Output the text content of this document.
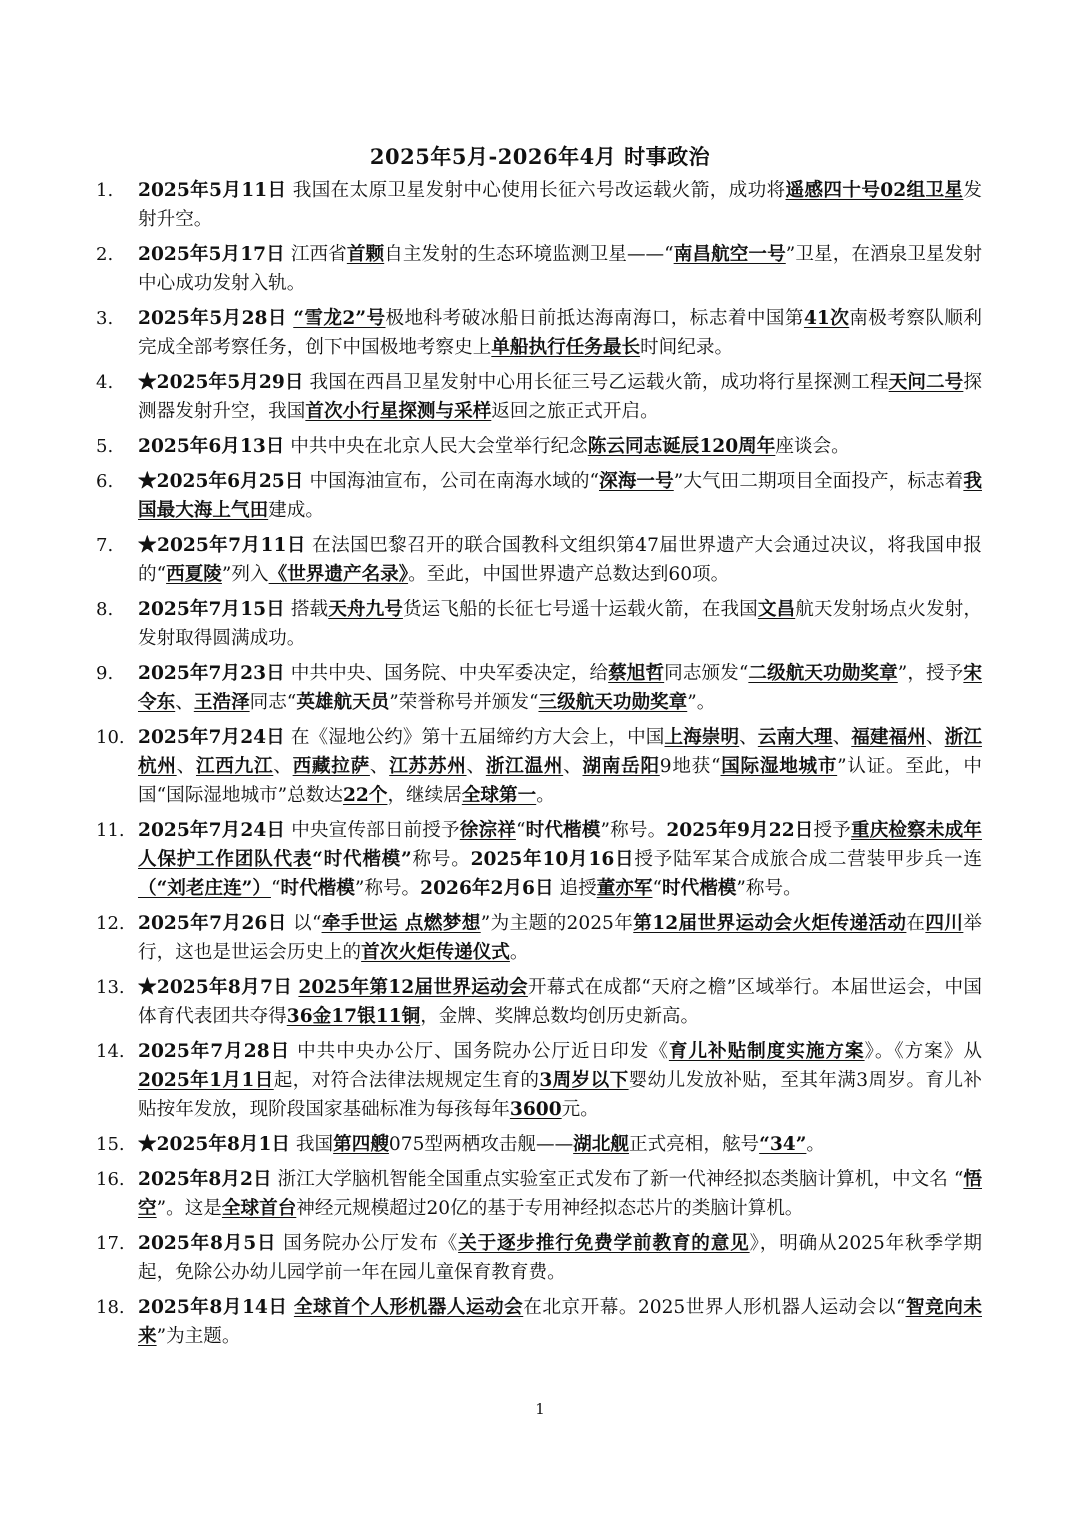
2025年5月-2026年4月 时事政治
1. 2025年5月11日 我国在太原卫星发射中心使用长征六号改运载火箭，成功将遥感四十号02组卫星发射升空。
2. 2025年5月17日 江西省首颗自主发射的生态环境监测卫星——“南昌航空一号”卫星，在酒泉卫星发射中心成功发射入轨。
3. 2025年5月28日 “雪龙2”号极地科考破冰船日前抵达海南海口，标志着中国第41次南极考察队顺利完成全部考察任务，创下中国极地考察史上单船执行任务最长时间纪录。
4. ★2025年5月29日 我国在西昌卫星发射中心用长征三号乙运载火箭，成功将行星探测工程天问二号探测器发射升空，我国首次小行星探测与采样返回之旅正式开启。
5. 2025年6月13日 中共中央在北京人民大会堂举行纪念陈云同志诞辰120周年座谈会。
6. ★2025年6月25日 中国海油宣布，公司在南海水域的“深海一号”大气田二期项目全面投产，标志着我国最大海上气田建成。
7. ★2025年7月11日 在法国巴黎召开的联合国教科文组织第47届世界遗产大会通过决议，将我国申报的“西夏陵”列入《世界遗产名录》。至此，中国世界遗产总数达到60项。
8. 2025年7月15日 搭载天舟九号货运飞船的长征七号遥十运载火箭，在我国文昌航天发射场点火发射，发射取得圆满成功。
9. 2025年7月23日 中共中央、国务院、中央军委决定，给蔡旭哲同志颁发“二级航天功勋奖章”，授予宋令东、王浩泽同志“英雄航天员”荣誉称号并颁发“三级航天功勋奖章”。
10. 2025年7月24日 在《湿地公约》第十五届缔约方大会上，中国上海崇明、云南大理、福建福州、浙江杭州、江西九江、西藏拉萨、江苏苏州、浙江温州、湖南岳阳9地获“国际湿地城市”认证。至此，中国“国际湿地城市”总数达22个，继续居全球第一。
11. 2025年7月24日 中央宣传部日前授予徐淙祥“时代楷模”称号。2025年9月22日授予重庆检察未成年人保护工作团队代表“时代楷模”称号。2025年10月16日授予陆军某合成旅合成二营装甲步兵一连（“刘老庄连”）“时代楷模”称号。2026年2月6日 追授董亦军“时代楷模”称号。
12. 2025年7月26日 以“牵手世运 点燃梦想”为主题的2025年第12届世界运动会火炬传递活动在四川举行，这也是世运会历史上的首次火炬传递仪式。
13. ★2025年8月7日 2025年第12届世界运动会开幕式在成都“天府之檐”区域举行。本届世运会，中国体育代表团共夺得36金17银11铜，金牌、奖牌总数均创历史新高。
14. 2025年7月28日 中共中央办公厅、国务院办公厅近日印发《育儿补贴制度实施方案》。《方案》从2025年1月1日起，对符合法律法规规定生育的3周岁以下婴幼儿发放补贴，至其年满3周岁。育儿补贴按年发放，现阶段国家基础标准为每孩每年3600元。
15. ★2025年8月1日 我国第四艘075型两栖攻击舰——湖北舰正式亮相，舷号“34”。
16. 2025年8月2日 浙江大学脑机智能全国重点实验室正式发布了新一代神经拟态类脑计算机，中文名 “悟空”。这是全球首台神经元规模超过20亿的基于专用神经拟态芯片的类脑计算机。
17. 2025年8月5日 国务院办公厅发布《关于逐步推行免费学前教育的意见》，明确从2025年秋季学期起，免除公办幼儿园学前一年在园儿童保育教育费。
18. 2025年8月14日 全球首个人形机器人运动会在北京开幕。2025世界人形机器人运动会以“智竞向未来”为主题。
1
